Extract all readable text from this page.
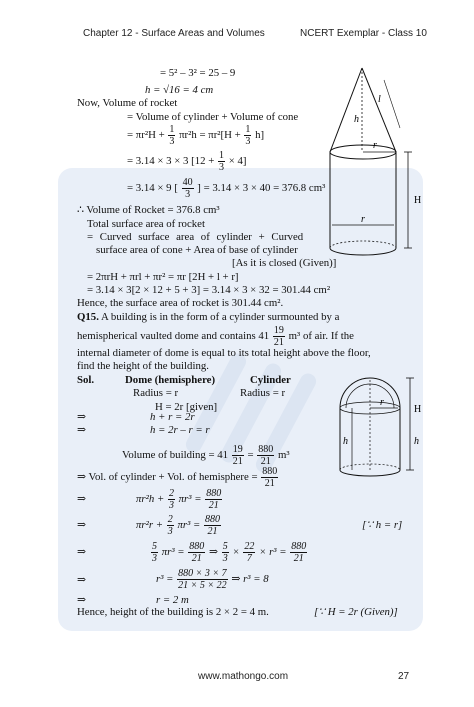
Chapter 12 - Surface Areas and Volumes	NCERT Exemplar - Class 10
= 5² – 3² = 25 – 9
h = √16 = 4 cm
Now, Volume of rocket
= Volume of cylinder + Volume of cone
= $\pi r^2H + \frac{1}{3} \pi r^2h = \pi r^2[H + \frac{1}{3} h]$
= 3.14 × 3 × 3 $[12 + \frac{1}{3} \times 4]$
= 3.14 × 9 [ $\frac{40}{3}$ ] = 3.14 × 3 × 40 = 376.8 cm³
∴ Volume of Rocket = 376.8 cm³
Total surface area of rocket
= Curved surface area of cylinder + Curved
surface area of cone + Area of base of cylinder
[As it is closed (Given)]
= 2πrH + πrl + πr² = πr [2H + l + r]
= 3.14 × 3[2 × 12 + 5 + 3] = 3.14 × 3 × 32 = 301.44 cm²
Hence, the surface area of rocket is 301.44 cm².
l
h
r
r
H
Q15. A building is in the form of a cylinder surmounted by a
hemispherical vaulted dome and contains $41 \frac{19}{21} m^3$ of air. If the
internal diameter of dome is equal to its total height above the floor,
find the height of the building.
Sol.	Dome (hemisphere)	Cylinder
Radius = r	Radius = r
H = 2r [given]
⇒	h + r = 2r
⇒	h = 2r – r = r
Volume of building = $41 \frac{19}{21} = \frac{880}{21} m^3$
⇒ Vol. of cylinder + Vol. of hemisphere = $\frac{880}{21}$
⇒	$\pi r^2h + \frac{2}{3} \pi r^3 = \frac{880}{21}$
⇒	$\pi r^2r + \frac{2}{3} \pi r^3 = \frac{880}{21}$	[∵ h = r]
⇒	$\frac{5}{3} \pi r^3 = \frac{880}{21}$ ⇒ $\frac{5}{3} \times \frac{22}{7} \times r^3 = \frac{880}{21}$
⇒	$r^3 = \frac{880 \times 3 \times 7}{21 \times 5 \times 22}$ ⇒ r³ = 8
⇒	r = 2 m
Hence, height of the building is 2 × 2 = 4 m.	[∵ H = 2r (Given)]
r
H
h	h
www.mathongo.com	27
